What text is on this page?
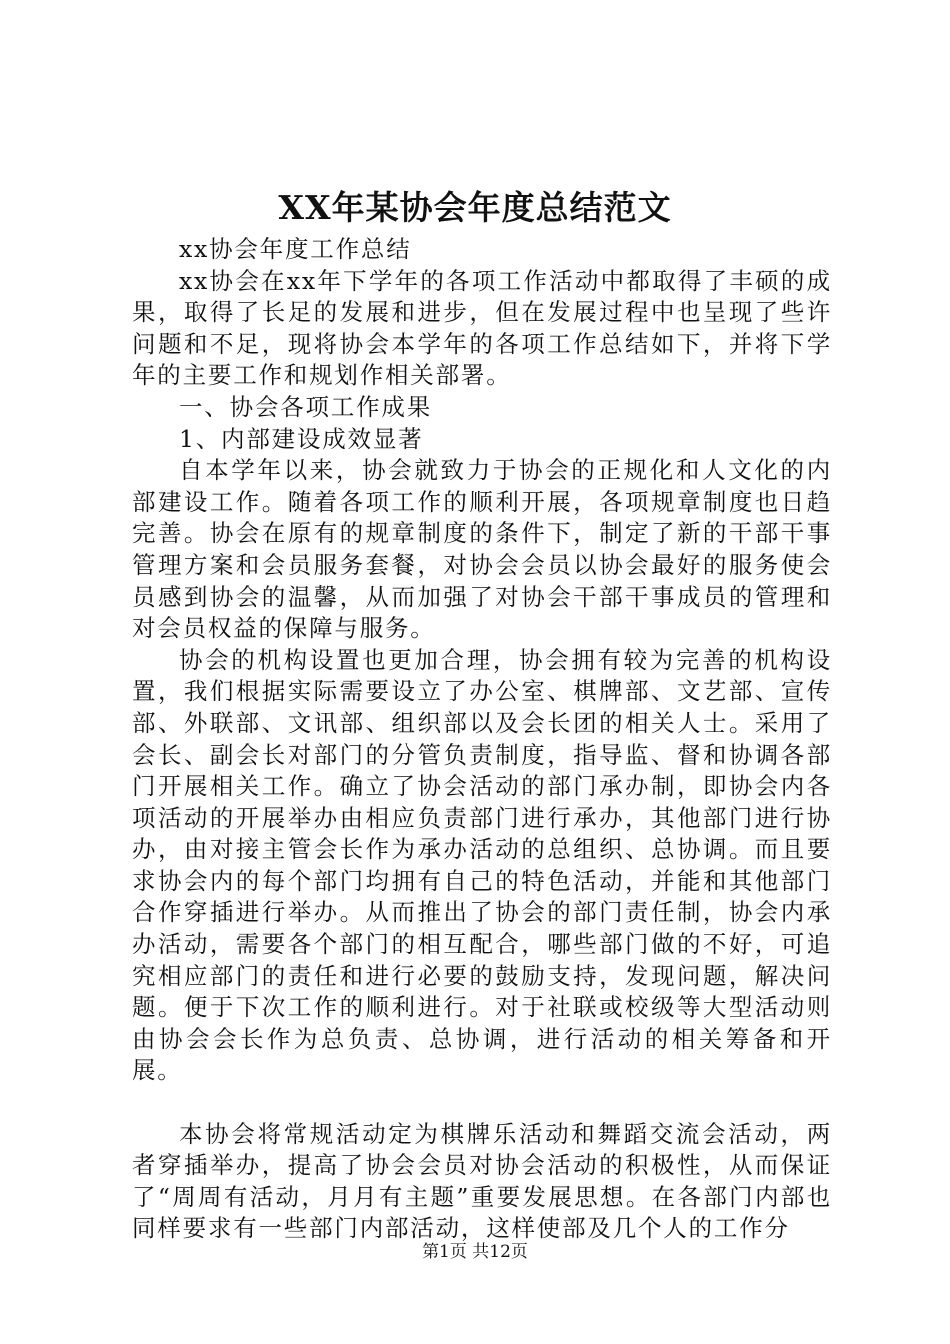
XX年某协会年度总结范文

xx协会年度工作总结

xx协会在xx年下学年的各项工作活动中都取得了丰硕的成果，取得了长足的发展和进步，但在发展过程中也呈现了些许问题和不足，现将协会本学年的各项工作总结如下，并将下学年的主要工作和规划作相关部署。

一、协会各项工作成果

1、内部建设成效显著

自本学年以来，协会就致力于协会的正规化和人文化的内部建设工作。随着各项工作的顺利开展，各项规章制度也日趋完善。协会在原有的规章制度的条件下，制定了新的干部干事管理方案和会员服务套餐，对协会会员以协会最好的服务使会员感到协会的温馨，从而加强了对协会干部干事成员的管理和对会员权益的保障与服务。

协会的机构设置也更加合理，协会拥有较为完善的机构设置，我们根据实际需要设立了办公室、棋牌部、文艺部、宣传部、外联部、文讯部、组织部以及会长团的相关人士。采用了会长、副会长对部门的分管负责制度，指导监、督和协调各部门开展相关工作。确立了协会活动的部门承办制，即协会内各项活动的开展举办由相应负责部门进行承办，其他部门进行协办，由对接主管会长作为承办活动的总组织、总协调。而且要求协会内的每个部门均拥有自己的特色活动，并能和其他部门合作穿插进行举办。从而推出了协会的部门责任制，协会内承办活动，需要各个部门的相互配合，哪些部门做的不好，可追究相应部门的责任和进行必要的鼓励支持，发现问题，解决问题。便于下次工作的顺利进行。对于社联或校级等大型活动则由协会会长作为总负责、总协调，进行活动的相关筹备和开展。

本协会将常规活动定为棋牌乐活动和舞蹈交流会活动，两者穿插举办，提高了协会会员对协会活动的积极性，从而保证了“周周有活动，月月有主题”重要发展思想。在各部门内部也同样要求有一些部门内部活动，这样使部及几个人的工作分

第1页 共12页
